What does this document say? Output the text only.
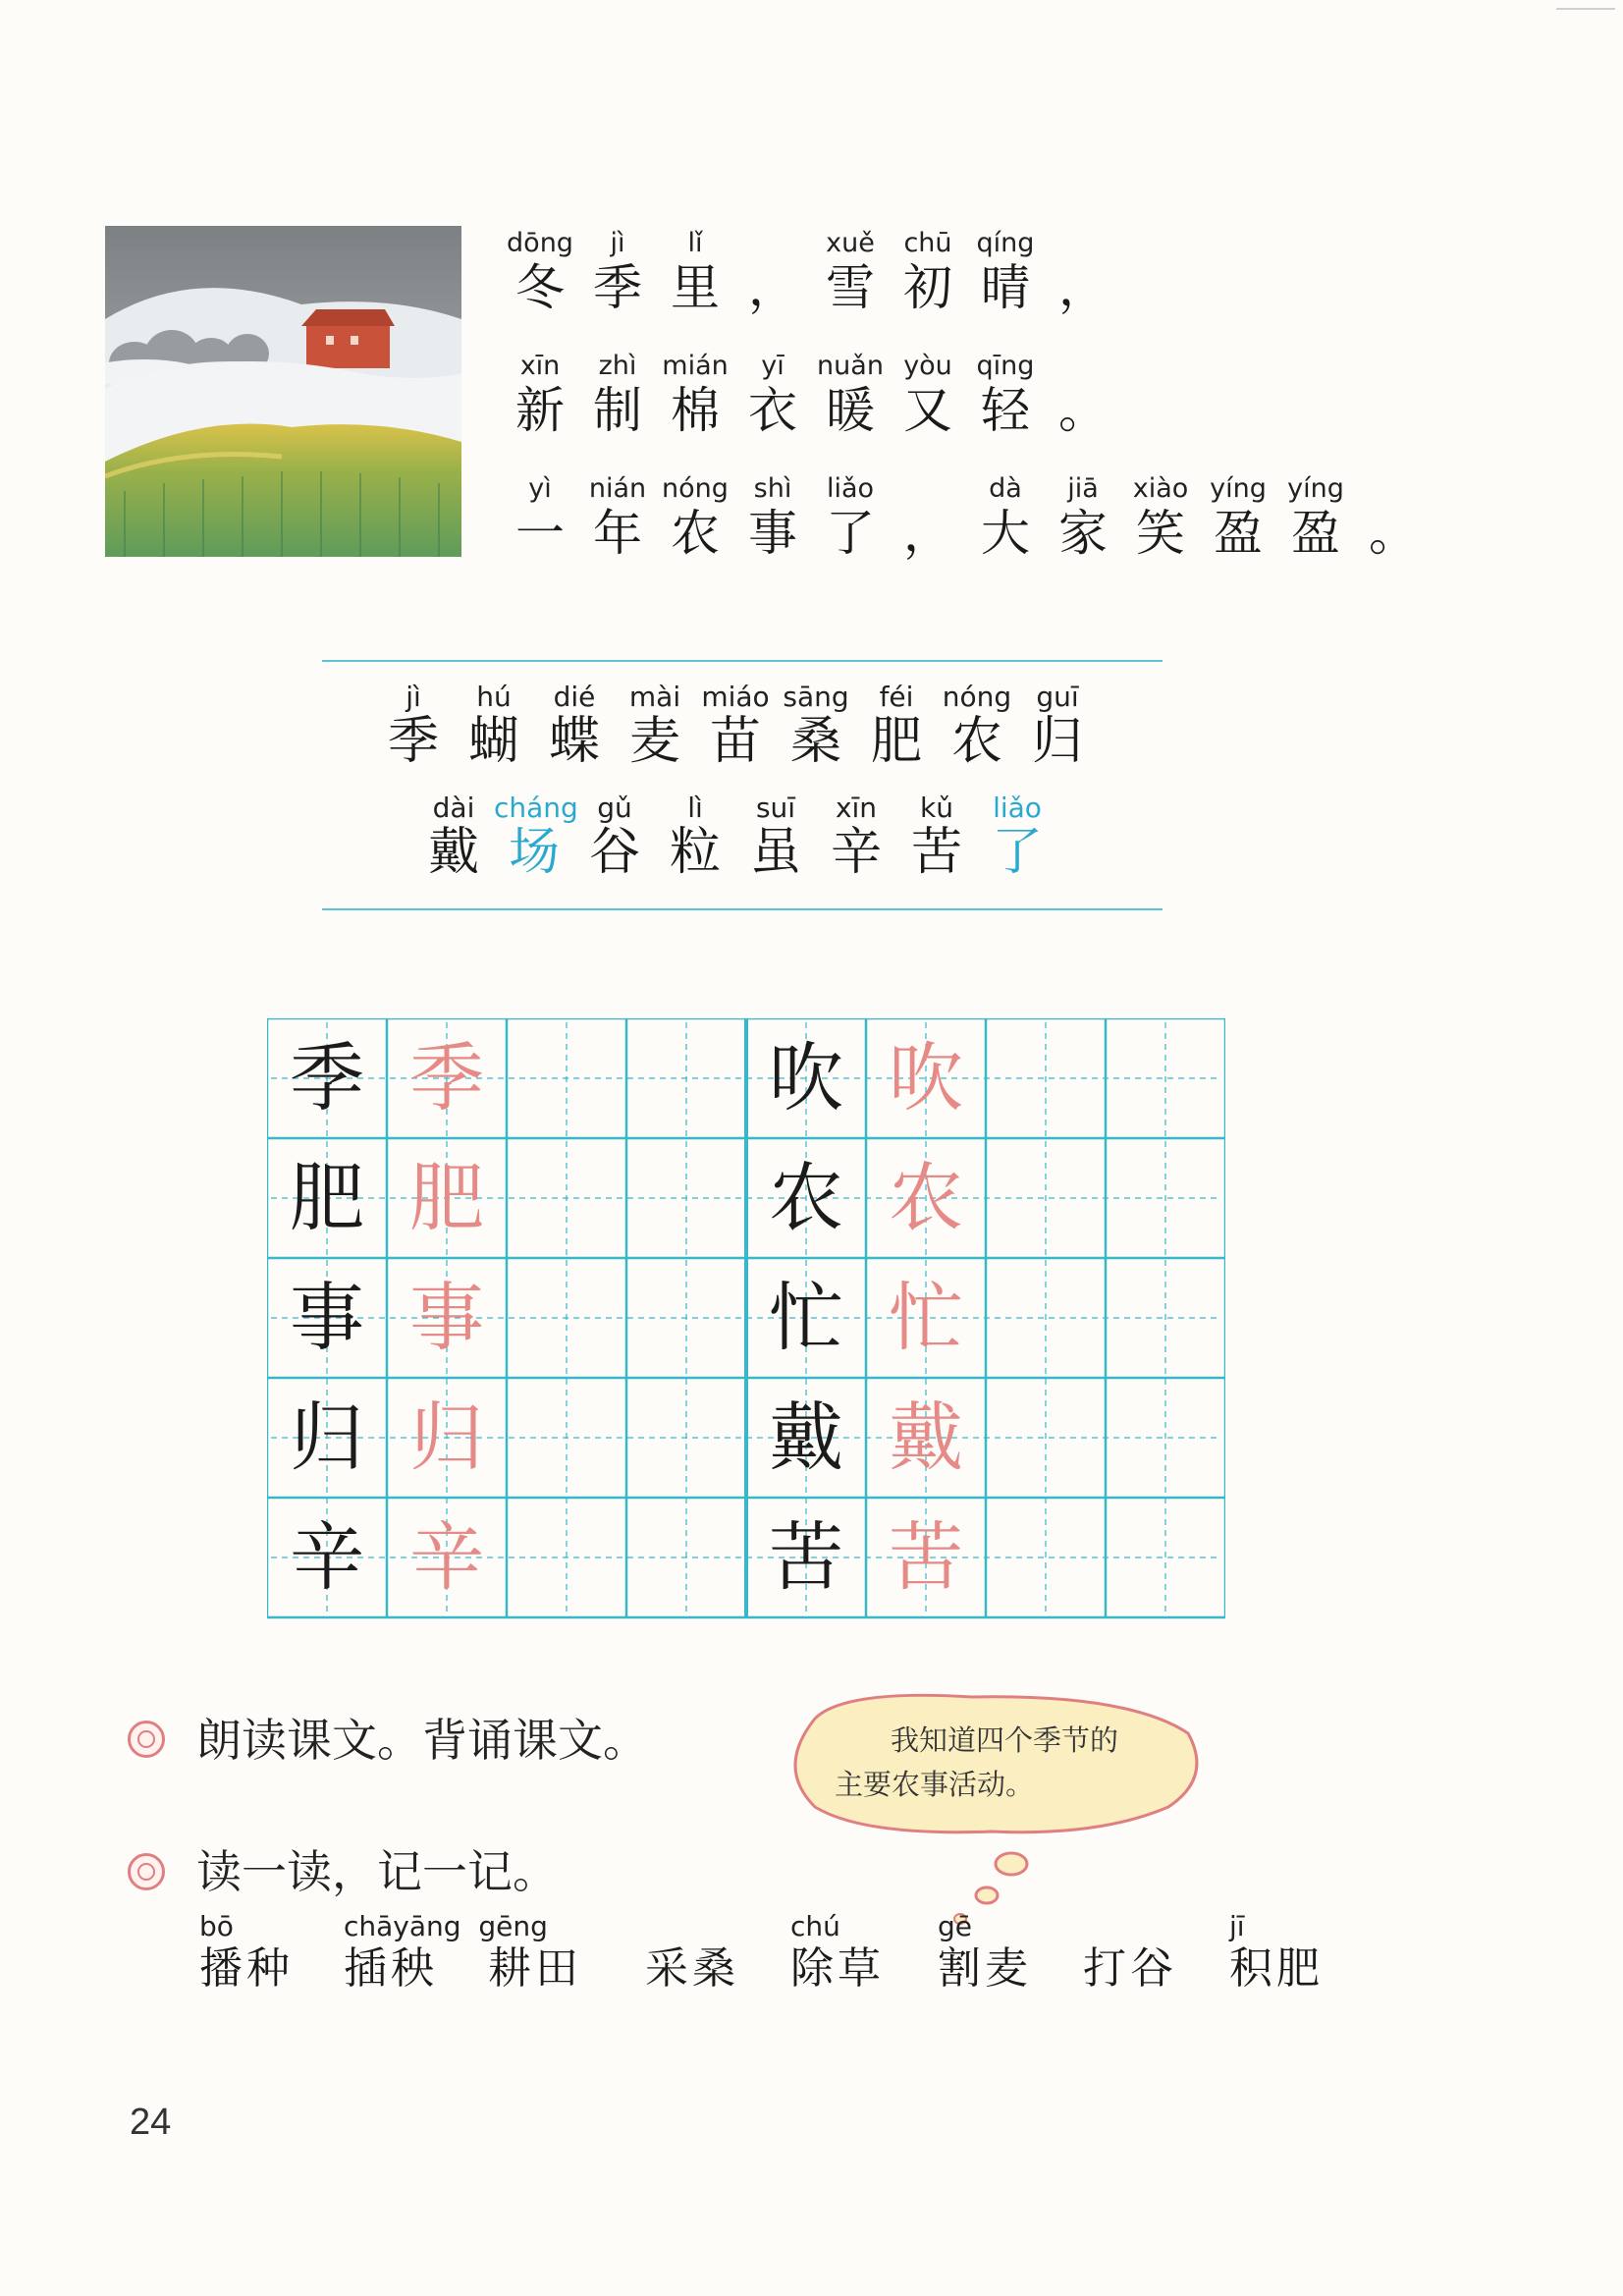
dōng
冬
jì
季
lǐ
里 ，
xuě
雪
chū
初
qíng
晴 ，
xīn
新
zhì
制
mián
棉
yī
衣
nuǎn
暖
yòu
又
qīng
轻 。
yì
一
nián
年
nóng
农
shì
事
liǎo
了 ，
dà
大
jiā
家
xiào
笑
yíng
盈
yíng
盈 。
jì
季
hú
蝴
dié
蝶
mài
麦
miáo
苗
sāng
桑
féi
肥
nóng
农
guī
归
dài
戴
cháng
场
gǔ
谷
lì
粒
suī
虽
xīn
辛
kǔ
苦
liǎo
了
季 季
肥 肥
事 事
归 归
辛 辛
吹 吹
农 农
忙 忙
戴 戴
苦 苦
朗读课文。背诵课文。	我知道四个季节的
主要农事活动。
读一读，记一记。
bō
播种
chāyāng  gēng
插秧	耕田 采桑
chú
除草
gē
割麦 打谷
jī
积肥
24
